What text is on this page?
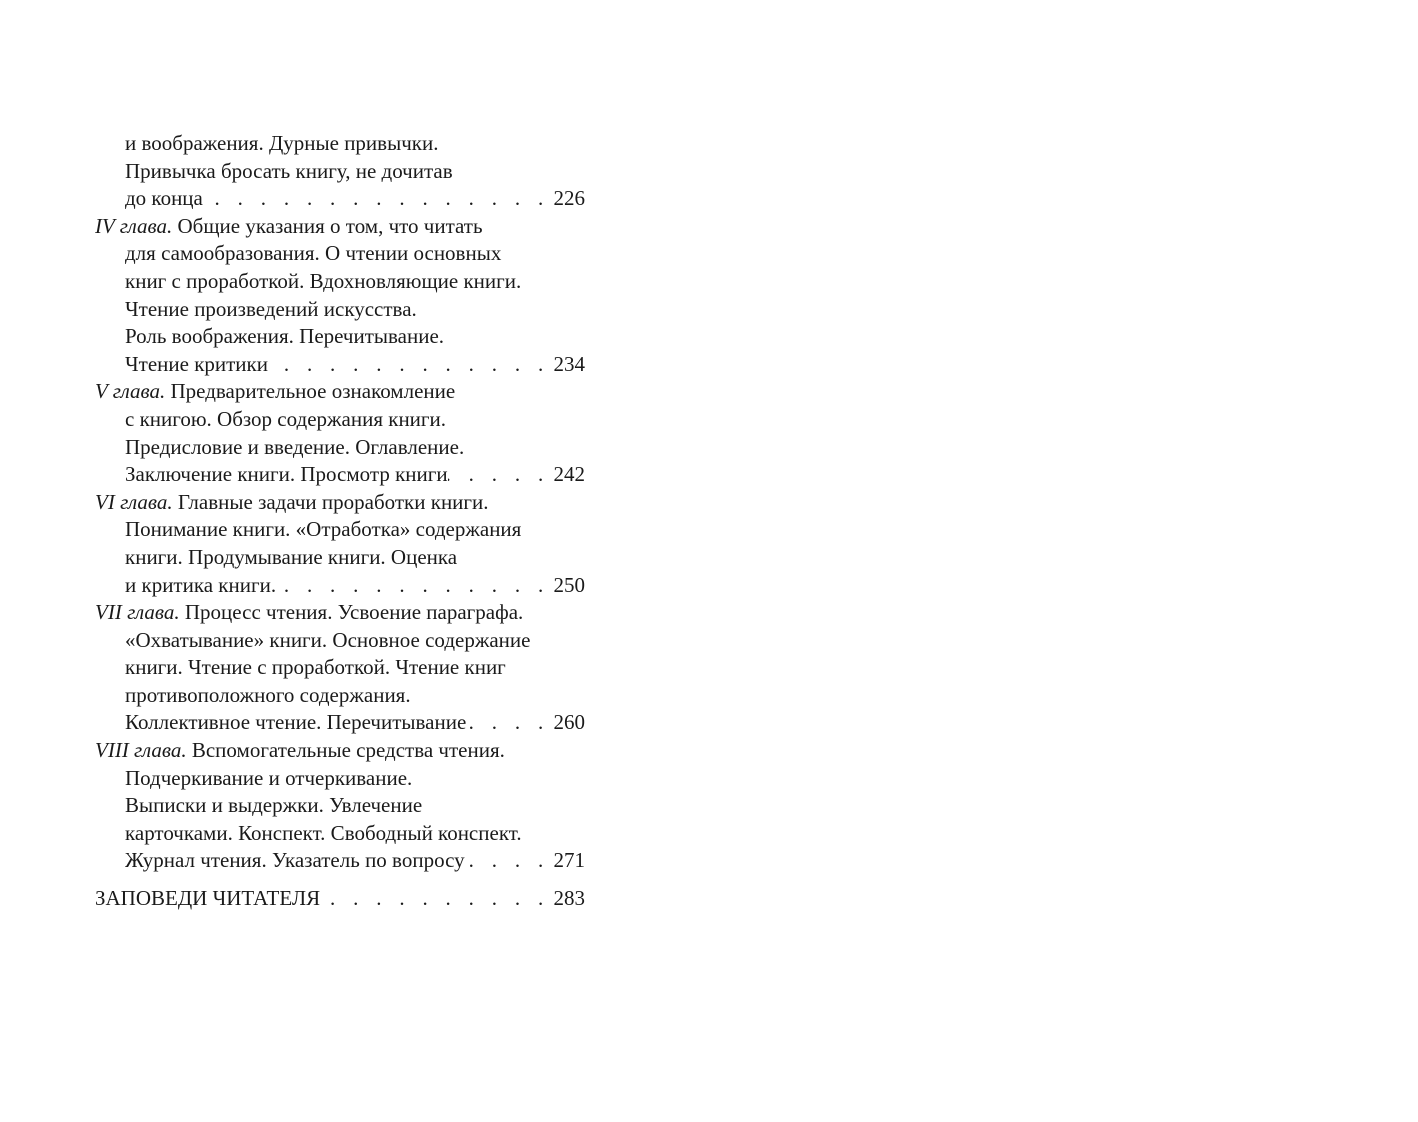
и воображения. Дурные привычки.
Привычка бросать книгу, не дочитав
до конца . . .	226
IV глава. Общие указания о том, что читать
для самообразования. О чтении основных
книг с проработкой. Вдохновляющие книги.
Чтение произведений искусства.
Роль воображения. Перечитывание.
Чтение критики . . .	234
V глава. Предварительное ознакомление
с книгою. Обзор содержания книги.
Предисловие и введение. Оглавление.
Заключение книги. Просмотр книги . . .	242
VI глава. Главные задачи проработки книги.
Понимание книги. «Отработка» содержания
книги. Продумывание книги. Оценка
и критика книги. . . .	250
VII глава. Процесс чтения. Усвоение параграфа.
«Охватывание» книги. Основное содержание
книги. Чтение с проработкой. Чтение книг
противоположного содержания.
Коллективное чтение. Перечитывание . . .	260
VIII глава. Вспомогательные средства чтения.
Подчеркивание и отчеркивание.
Выписки и выдержки. Увлечение
карточками. Конспект. Свободный конспект.
Журнал чтения. Указатель по вопросу . . .	271
ЗАПОВЕДИ ЧИТАТЕЛЯ . . .	283
